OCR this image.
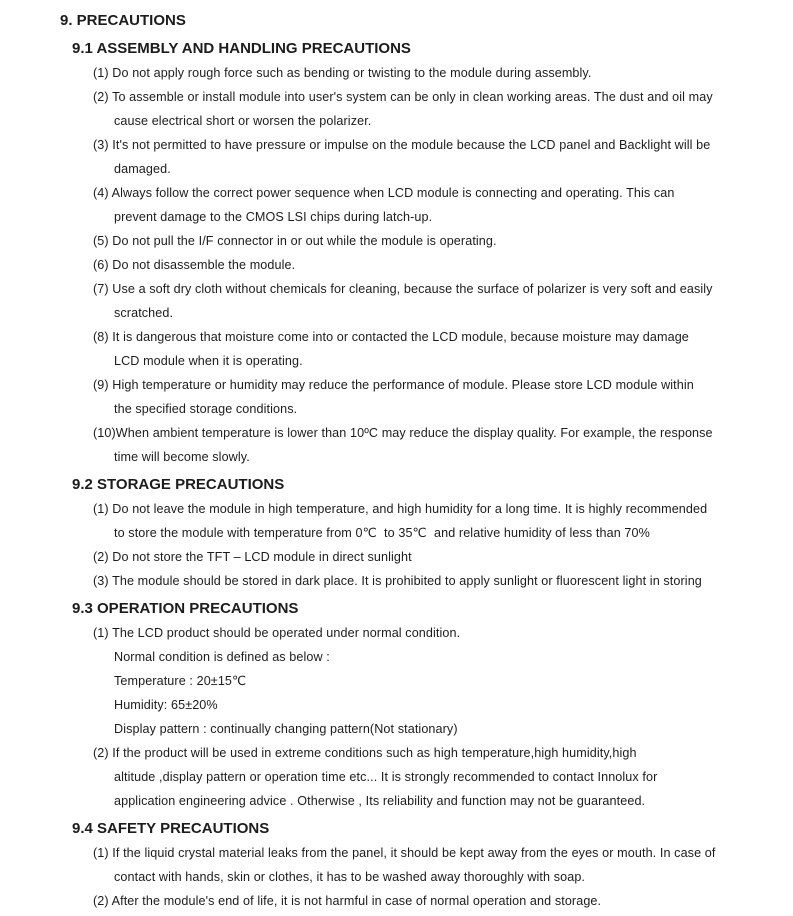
9. PRECAUTIONS
9.1 ASSEMBLY AND HANDLING PRECAUTIONS
(1) Do not apply rough force such as bending or twisting to the module during assembly.
(2) To assemble or install module into user's system can be only in clean working areas. The dust and oil may
cause electrical short or worsen the polarizer.
(3) It's not permitted to have pressure or impulse on the module because the LCD panel and Backlight will be
damaged.
(4) Always follow the correct power sequence when LCD module is connecting and operating. This can
prevent damage to the CMOS LSI chips during latch-up.
(5) Do not pull the I/F connector in or out while the module is operating.
(6) Do not disassemble the module.
(7) Use a soft dry cloth without chemicals for cleaning, because the surface of polarizer is very soft and easily
scratched.
(8) It is dangerous that moisture come into or contacted the LCD module, because moisture may damage
LCD module when it is operating.
(9) High temperature or humidity may reduce the performance of module. Please store LCD module within
the specified storage conditions.
(10)When ambient temperature is lower than 10ºC may reduce the display quality. For example, the response
time will become slowly.
9.2 STORAGE PRECAUTIONS
(1) Do not leave the module in high temperature, and high humidity for a long time. It is highly recommended
to store the module with temperature from 0℃  to 35℃  and relative humidity of less than 70%
(2) Do not store the TFT – LCD module in direct sunlight
(3) The module should be stored in dark place. It is prohibited to apply sunlight or fluorescent light in storing
9.3 OPERATION PRECAUTIONS
(1) The LCD product should be operated under normal condition.
Normal condition is defined as below :
Temperature : 20±15℃
Humidity: 65±20%
Display pattern : continually changing pattern(Not stationary)
(2) If the product will be used in extreme conditions such as high temperature,high humidity,high
altitude ,display pattern or operation time etc... It is strongly recommended to contact Innolux for
application engineering advice . Otherwise , Its reliability and function may not be guaranteed.
9.4 SAFETY PRECAUTIONS
(1) If the liquid crystal material leaks from the panel, it should be kept away from the eyes or mouth. In case of
contact with hands, skin or clothes, it has to be washed away thoroughly with soap.
(2) After the module's end of life, it is not harmful in case of normal operation and storage.
